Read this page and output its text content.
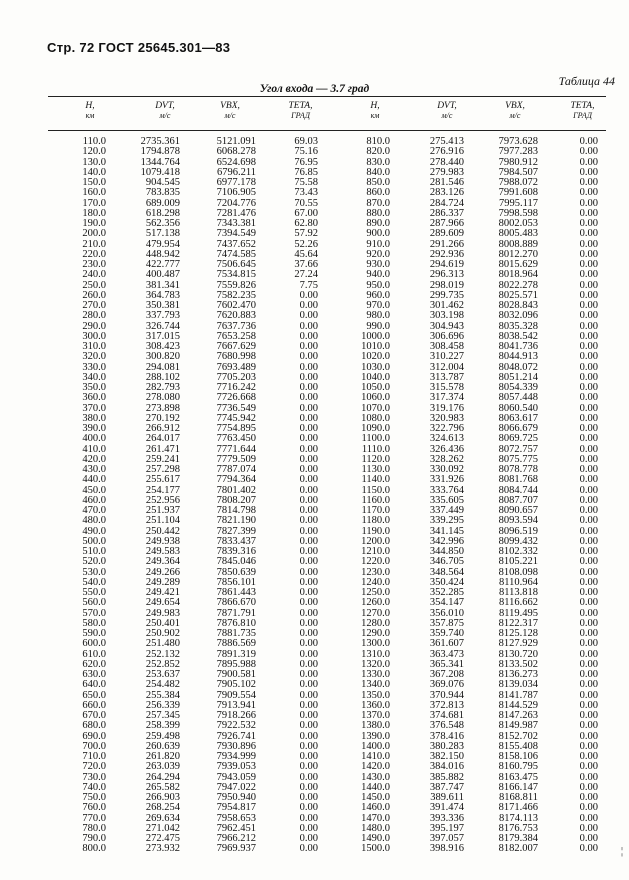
Стр. 72 ГОСТ 25645.301—83
Таблица 44
Угол входа — 3.7 град
Н,
км
DVT,
м/с
VBX,
м/с
ТЕТА,
ГРАД
Н,
км
DVT,
м/с
VBX,
м/с
ТЕТА,
ГРАД
110.0
120.0
130.0
140.0
150.0
160.0
170.0
180.0
190.0
200.0
210.0
220.0
230.0
240.0
250.0
260.0
270.0
280.0
290.0
300.0
310.0
320.0
330.0
340.0
350.0
360.0
370.0
380.0
390.0
400.0
410.0
420.0
430.0
440.0
450.0
460.0
470.0
480.0
490.0
500.0
510.0
520.0
530.0
540.0
550.0
560.0
570.0
580.0
590.0
600.0
610.0
620.0
630.0
640.0
650.0
660.0
670.0
680.0
690.0
700.0
710.0
720.0
730.0
740.0
750.0
760.0
770.0
780.0
790.0
800.0
2735.361
1794.878
1344.764
1079.418
904.545
783.835
689.009
618.298
562.356
517.138
479.954
448.942
422.777
400.487
381.341
364.783
350.381
337.793
326.744
317.015
308.423
300.820
294.081
288.102
282.793
278.080
273.898
270.192
266.912
264.017
261.471
259.241
257.298
255.617
254.177
252.956
251.937
251.104
250.442
249.938
249.583
249.364
249.266
249.289
249.421
249.654
249.983
250.401
250.902
251.480
252.132
252.852
253.637
254.482
255.384
256.339
257.345
258.399
259.498
260.639
261.820
263.039
264.294
265.582
266.903
268.254
269.634
271.042
272.475
273.932
5121.091
6068.278
6524.698
6796.211
6977.178
7106.905
7204.776
7281.476
7343.381
7394.549
7437.652
7474.585
7506.645
7534.815
7559.826
7582.235
7602.470
7620.883
7637.736
7653.258
7667.629
7680.998
7693.489
7705.203
7716.242
7726.668
7736.549
7745.942
7754.895
7763.450
7771.644
7779.509
7787.074
7794.364
7801.402
7808.207
7814.798
7821.190
7827.399
7833.437
7839.316
7845.046
7850.639
7856.101
7861.443
7866.670
7871.791
7876.810
7881.735
7886.569
7891.319
7895.988
7900.581
7905.102
7909.554
7913.941
7918.266
7922.532
7926.741
7930.896
7934.999
7939.053
7943.059
7947.022
7950.940
7954.817
7958.653
7962.451
7966.212
7969.937
69.03
75.16
76.95
76.85
75.58
73.43
70.55
67.00
62.80
57.92
52.26
45.64
37.66
27.24
7.75
0.00
0.00
0.00
0.00
0.00
0.00
0.00
0.00
0.00
0.00
0.00
0.00
0.00
0.00
0.00
0.00
0.00
0.00
0.00
0.00
0.00
0.00
0.00
0.00
0.00
0.00
0.00
0.00
0.00
0.00
0.00
0.00
0.00
0.00
0.00
0.00
0.00
0.00
0.00
0.00
0.00
0.00
0.00
0.00
0.00
0.00
0.00
0.00
0.00
0.00
0.00
0.00
0.00
0.00
0.00
810.0
820.0
830.0
840.0
850.0
860.0
870.0
880.0
890.0
900.0
910.0
920.0
930.0
940.0
950.0
960.0
970.0
980.0
990.0
1000.0
1010.0
1020.0
1030.0
1040.0
1050.0
1060.0
1070.0
1080.0
1090.0
1100.0
1110.0
1120.0
1130.0
1140.0
1150.0
1160.0
1170.0
1180.0
1190.0
1200.0
1210.0
1220.0
1230.0
1240.0
1250.0
1260.0
1270.0
1280.0
1290.0
1300.0
1310.0
1320.0
1330.0
1340.0
1350.0
1360.0
1370.0
1380.0
1390.0
1400.0
1410.0
1420.0
1430.0
1440.0
1450.0
1460.0
1470.0
1480.0
1490.0
1500.0
275.413
276.916
278.440
279.983
281.546
283.126
284.724
286.337
287.966
289.609
291.266
292.936
294.619
296.313
298.019
299.735
301.462
303.198
304.943
306.696
308.458
310.227
312.004
313.787
315.578
317.374
319.176
320.983
322.796
324.613
326.436
328.262
330.092
331.926
333.764
335.605
337.449
339.295
341.145
342.996
344.850
346.705
348.564
350.424
352.285
354.147
356.010
357.875
359.740
361.607
363.473
365.341
367.208
369.076
370.944
372.813
374.681
376.548
378.416
380.283
382.150
384.016
385.882
387.747
389.611
391.474
393.336
395.197
397.057
398.916
7973.628
7977.283
7980.912
7984.507
7988.072
7991.608
7995.117
7998.598
8002.053
8005.483
8008.889
8012.270
8015.629
8018.964
8022.278
8025.571
8028.843
8032.096
8035.328
8038.542
8041.736
8044.913
8048.072
8051.214
8054.339
8057.448
8060.540
8063.617
8066.679
8069.725
8072.757
8075.775
8078.778
8081.768
8084.744
8087.707
8090.657
8093.594
8096.519
8099.432
8102.332
8105.221
8108.098
8110.964
8113.818
8116.662
8119.495
8122.317
8125.128
8127.929
8130.720
8133.502
8136.273
8139.034
8141.787
8144.529
8147.263
8149.987
8152.702
8155.408
8158.106
8160.795
8163.475
8166.147
8168.811
8171.466
8174.113
8176.753
8179.384
8182.007
0.00
0.00
0.00
0.00
0.00
0.00
0.00
0.00
0.00
0.00
0.00
0.00
0.00
0.00
0.00
0.00
0.00
0.00
0.00
0.00
0.00
0.00
0.00
0.00
0.00
0.00
0.00
0.00
0.00
0.00
0.00
0.00
0.00
0.00
0.00
0.00
0.00
0.00
0.00
0.00
0.00
0.00
0.00
0.00
0.00
0.00
0.00
0.00
0.00
0.00
0.00
0.00
0.00
0.00
0.00
0.00
0.00
0.00
0.00
0.00
0.00
0.00
0.00
0.00
0.00
0.00
0.00
0.00
0.00
0.00 ¦
